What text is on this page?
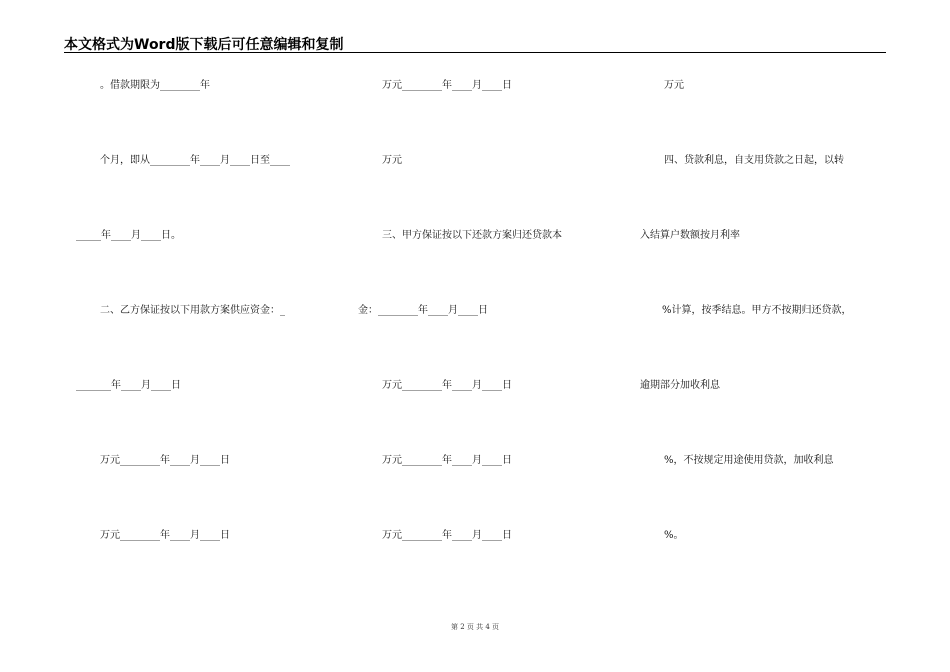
本文格式为Word版下载后可任意编辑和复制
。借款期限为________年
个月，即从________年____月____日至____
_____年____月____日。
二、乙方保证按以下用款方案供应资金：_
_______年____月____日
万元________年____月____日
万元________年____月____日
万元________年____月____日
万元
三、甲方保证按以下还款方案归还贷款本
金：________年____月____日
万元________年____月____日
万元________年____月____日
万元________年____月____日
万元
四、贷款利息，自支用贷款之日起，以转
入结算户数额按月利率
%计算，按季结息。甲方不按期归还贷款，
逾期部分加收利息
%，不按规定用途使用贷款，加收利息
%。
第 2 页 共 4 页
